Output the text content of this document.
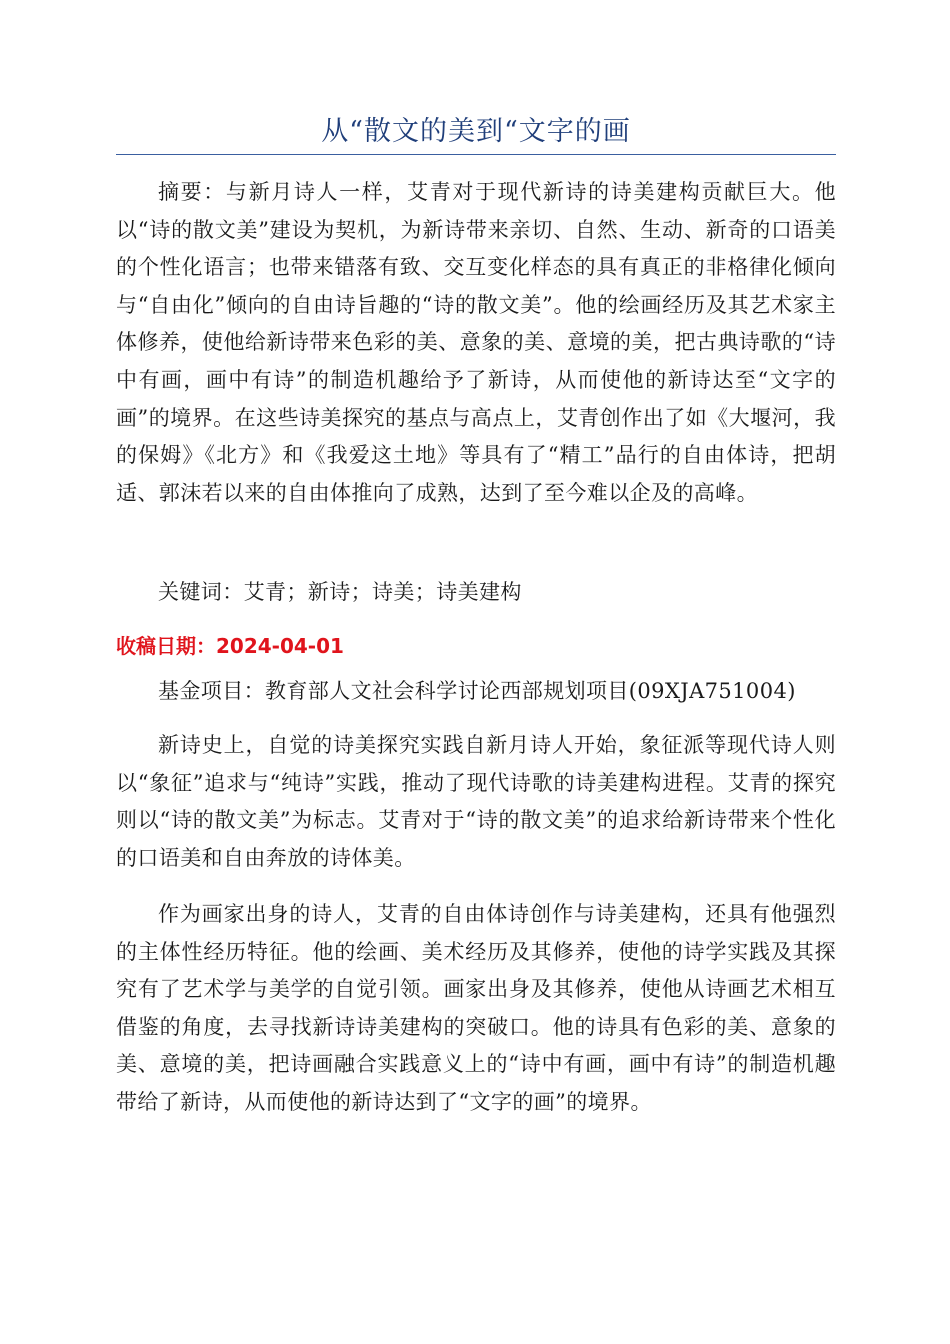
从“散文的美到“文字的画

摘要：与新月诗人一样，艾青对于现代新诗的诗美建构贡献巨大。他以“诗的散文美”建设为契机，为新诗带来亲切、自然、生动、新奇的口语美的个性化语言；也带来错落有致、交互变化样态的具有真正的非格律化倾向与“自由化”倾向的自由诗旨趣的“诗的散文美”。他的绘画经历及其艺术家主体修养，使他给新诗带来色彩的美、意象的美、意境的美，把古典诗歌的“诗中有画，画中有诗”的制造机趣给予了新诗，从而使他的新诗达至“文字的画”的境界。在这些诗美探究的基点与高点上，艾青创作出了如《大堰河，我的保姆》《北方》和《我爱这土地》等具有了“精工”品行的自由体诗，把胡适、郭沫若以来的自由体推向了成熟，达到了至今难以企及的高峰。

关键词：艾青；新诗；诗美；诗美建构

收稿日期：2024-04-01

基金项目：教育部人文社会科学讨论西部规划项目(09XJA751004)

新诗史上，自觉的诗美探究实践自新月诗人开始，象征派等现代诗人则以“象征”追求与“纯诗”实践，推动了现代诗歌的诗美建构进程。艾青的探究则以“诗的散文美”为标志。艾青对于“诗的散文美”的追求给新诗带来个性化的口语美和自由奔放的诗体美。

作为画家出身的诗人，艾青的自由体诗创作与诗美建构，还具有他强烈的主体性经历特征。他的绘画、美术经历及其修养，使他的诗学实践及其探究有了艺术学与美学的自觉引领。画家出身及其修养，使他从诗画艺术相互借鉴的角度，去寻找新诗诗美建构的突破口。他的诗具有色彩的美、意象的美、意境的美，把诗画融合实践意义上的“诗中有画，画中有诗”的制造机趣带给了新诗，从而使他的新诗达到了“文字的画”的境界。
